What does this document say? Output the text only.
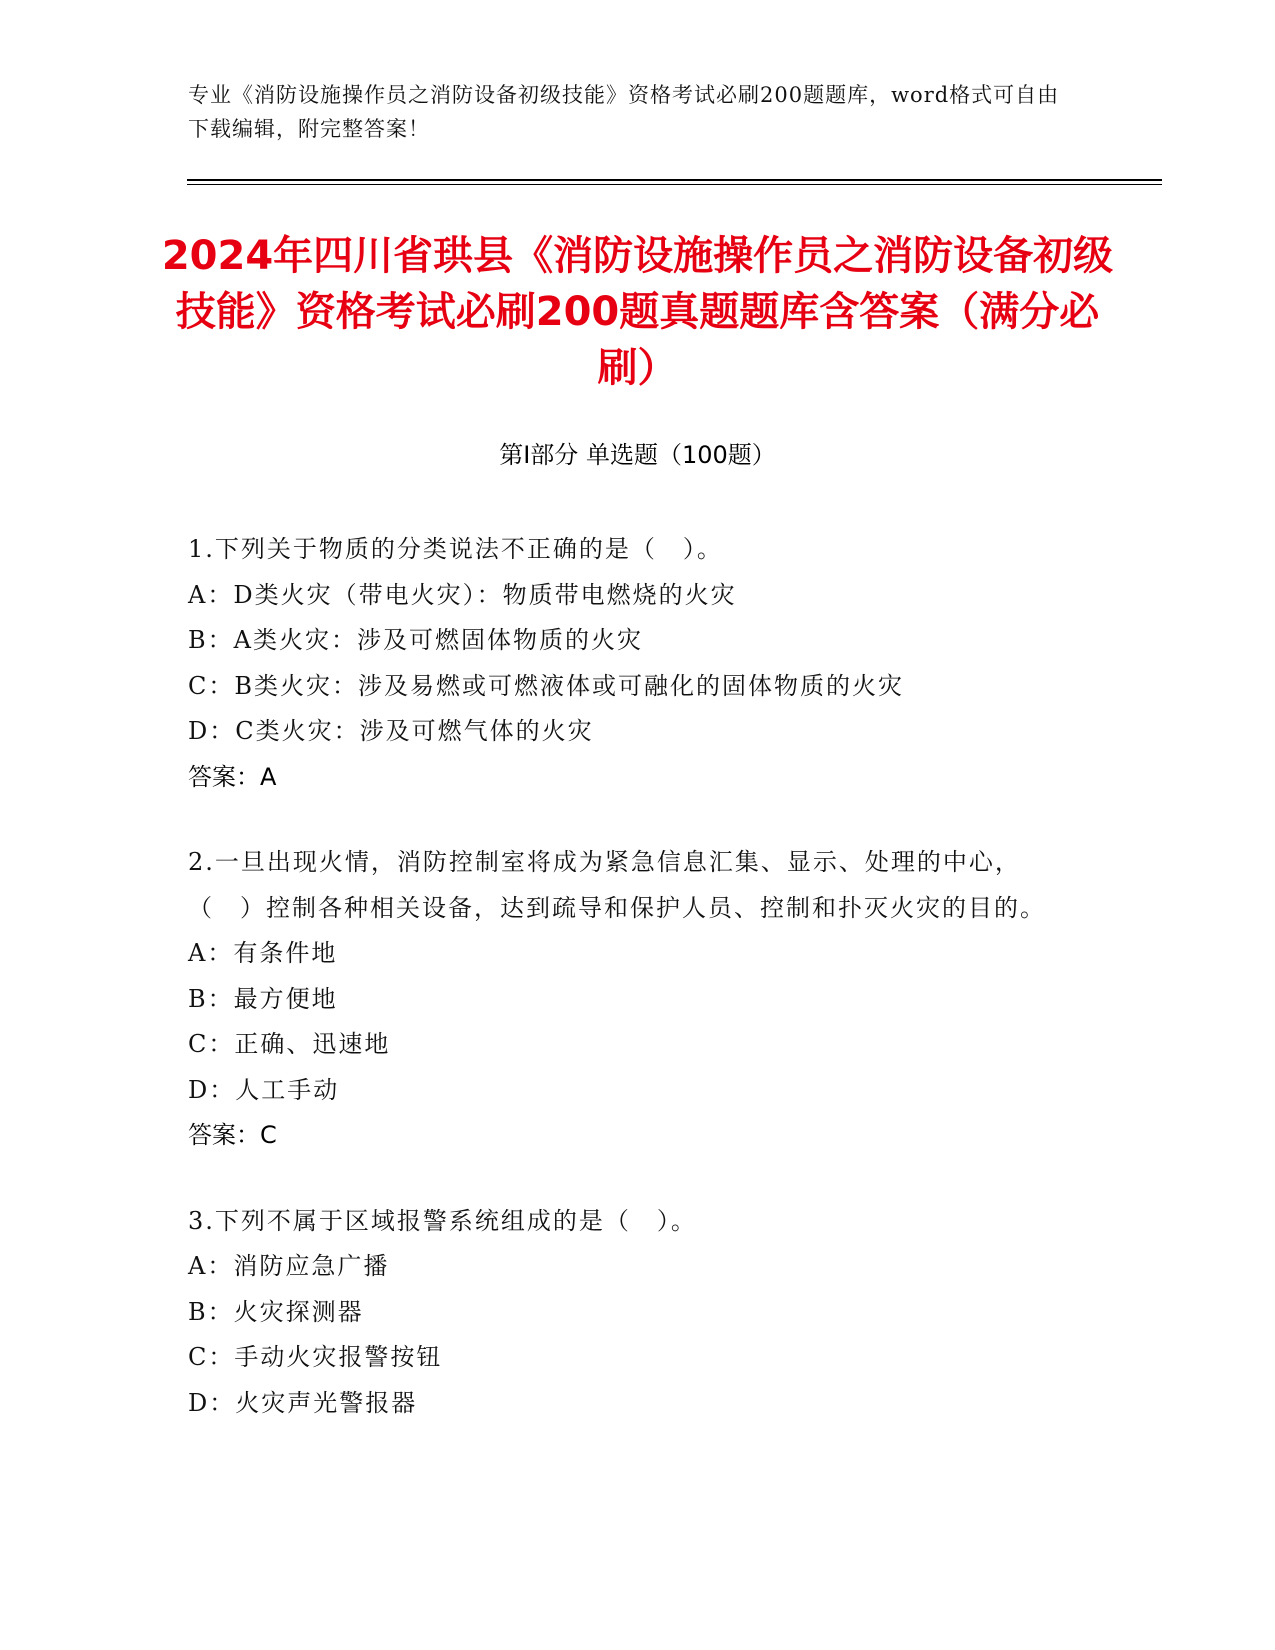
专业《消防设施操作员之消防设备初级技能》资格考试必刷200题题库，word格式可自由下载编辑，附完整答案！
2024年四川省珙县《消防设施操作员之消防设备初级技能》资格考试必刷200题真题题库含答案（满分必刷）
第Ⅰ部分 单选题（100题）
1.下列关于物质的分类说法不正确的是（　）。
A：D类火灾（带电火灾）：物质带电燃烧的火灾
B：A类火灾：涉及可燃固体物质的火灾
C：B类火灾：涉及易燃或可燃液体或可融化的固体物质的火灾
D：C类火灾：涉及可燃气体的火灾
答案：A
2.一旦出现火情，消防控制室将成为紧急信息汇集、显示、处理的中心，（　）控制各种相关设备，达到疏导和保护人员、控制和扑灭火灾的目的。
A：有条件地
B：最方便地
C：正确、迅速地
D：人工手动
答案：C
3.下列不属于区域报警系统组成的是（　）。
A：消防应急广播
B：火灾探测器
C：手动火灾报警按钮
D：火灾声光警报器
